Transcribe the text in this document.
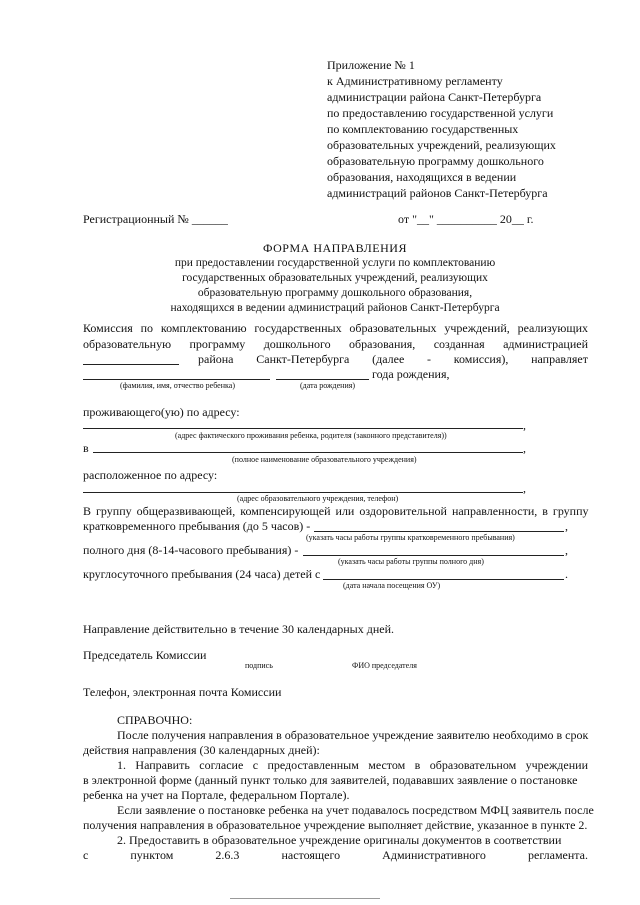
Приложение № 1
к Административному регламенту
администрации района Санкт-Петербурга
по предоставлению государственной услуги
по комплектованию государственных
образовательных учреждений, реализующих
образовательную программу дошкольного
образования, находящихся в ведении
администраций районов Санкт-Петербурга
Регистрационный № ______	от "__" __________ 20__ г.
ФОРМА НАПРАВЛЕНИЯ
при предоставлении государственной услуги по комплектованию
государственных образовательных учреждений, реализующих
образовательную программу дошкольного образования,
находящихся в ведении администраций районов Санкт-Петербурга
Комиссия по комплектованию государственных образовательных учреждений, реализующих
образовательную программу дошкольного образования, созданная администрацией
района Санкт-Петербурга (далее - комиссия), направляет
года рождения,
(фамилия, имя, отчество ребенка)	(дата рождения)
проживающего(ую) по адресу:
,
(адрес фактического проживания ребенка, родителя (законного представителя))
в	,
(полное наименование образовательного учреждения)
расположенное по адресу:
,
(адрес образовательного учреждения, телефон)
В группу общеразвивающей, компенсирующей или оздоровительной направленности, в группу
кратковременного пребывания (до 5 часов) -	,
(указать часы работы группы кратковременного пребывания)
полного дня (8-14-часового пребывания) -	,
(указать часы работы группы полного дня)
круглосуточного пребывания (24 часа) детей с	.
(дата начала посещения ОУ)
Направление действительно в течение 30 календарных дней.
Председатель Комиссии
подпись	ФИО председателя
Телефон, электронная почта Комиссии
СПРАВОЧНО:
После получения направления в образовательное учреждение заявителю необходимо в срок
действия направления (30 календарных дней):
1. Направить согласие с предоставленным местом в образовательном учреждении
в электронной форме (данный пункт только для заявителей, подававших заявление о постановке
ребенка на учет на Портале, федеральном Портале).
Если заявление о постановке ребенка на учет подавалось посредством МФЦ заявитель после
получения направления в образовательное учреждение выполняет действие, указанное в пункте 2.
2. Предоставить в образовательное учреждение оригиналы документов в соответствии
с пунктом 2.6.3 настоящего Административного регламента.
